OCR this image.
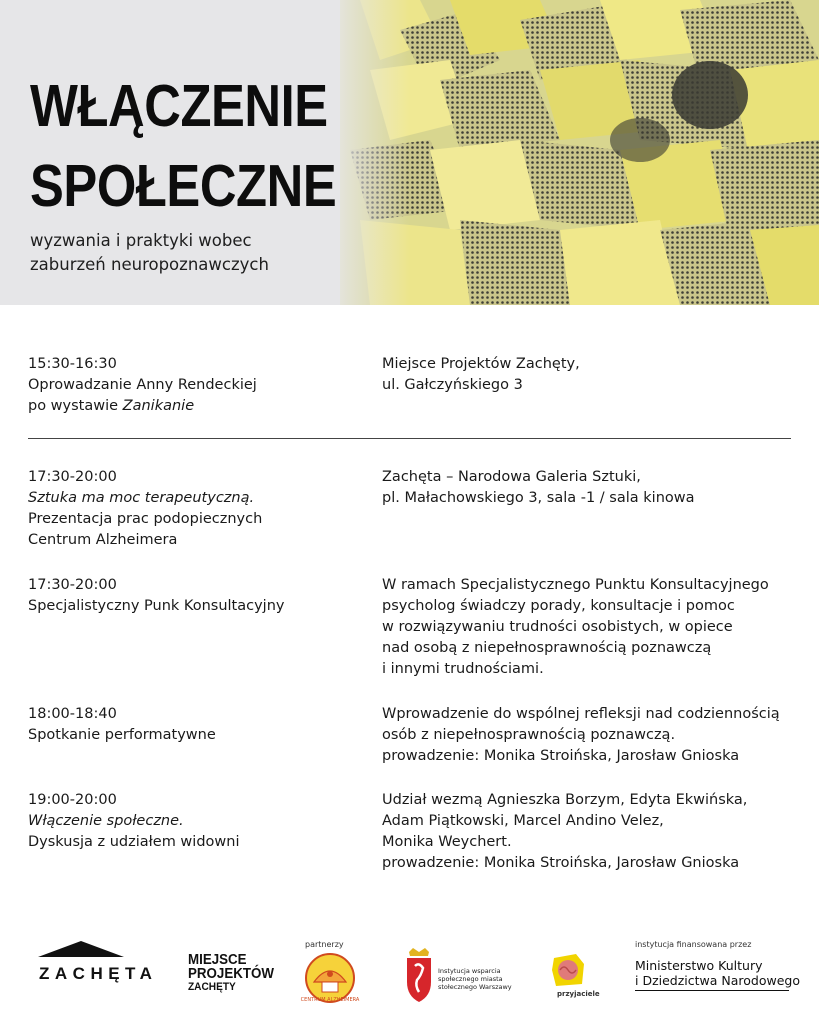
WŁĄCZENIE
SPOŁECZNE

wyzwania i praktyki wobec
zaburzeń neuropoznawczych

15:30-16:30
Oprowadzanie Anny Rendeckiej
po wystawie Zanikanie
Miejsce Projektów Zachęty,
ul. Gałczyńskiego 3
17:30-20:00
Sztuka ma moc terapeutyczną.
Prezentacja prac podopiecznych
Centrum Alzheimera
Zachęta – Narodowa Galeria Sztuki,
pl. Małachowskiego 3, sala -1 / sala kinowa
17:30-20:00
Specjalistyczny Punk Konsultacyjny
W ramach Specjalistycznego Punktu Konsultacyjnego
psycholog świadczy porady, konsultacje i pomoc
w rozwiązywaniu trudności osobistych, w opiece
nad osobą z niepełnosprawnością poznawczą
i innymi trudnościami.
18:00-18:40
Spotkanie performatywne
Wprowadzenie do wspólnej refleksji nad codziennością
osób z niepełnosprawnością poznawczą.
prowadzenie: Monika Stroińska, Jarosław Gnioska
19:00-20:00
Włączenie społeczne.
Dyskusja z udziałem widowni
Udział wezmą Agnieszka Borzym, Edyta Ekwińska,
Adam Piątkowski, Marcel Andino Velez,
Monika Weychert.
prowadzenie: Monika Stroińska, Jarosław Gnioska
ZACHĘTA
MIEJSCE
PROJEKTÓW
ZACHĘTY
partnerzy
CENTRUM ALZHEIMERA
Instytucja wsparcia
społecznego miasta
stołecznego Warszawy
przyjaciele
instytucja finansowana przez
Ministerstwo Kultury
i Dziedzictwa Narodowego
